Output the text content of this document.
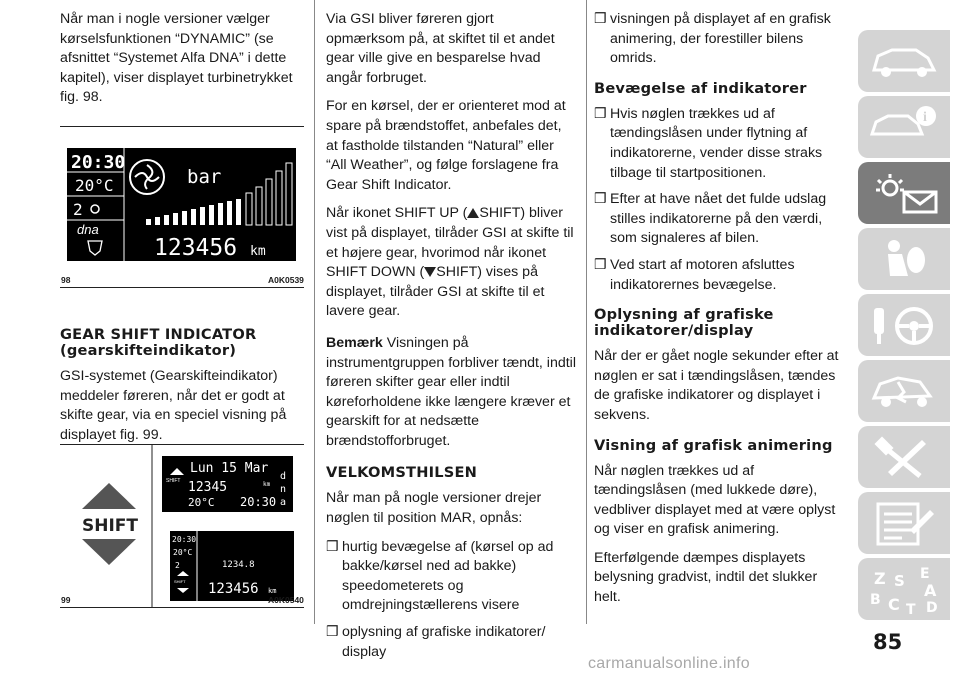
Når man i nogle versioner vælger kørselsfunktionen “DYNAMIC” (se afsnittet “Systemet Alfa DNA” i dette kapitel), viser displayet turbinetrykket fig. 98.

20:30
20°C
2
dna
bar
123456 km
98	A0K0539
GEAR SHIFT INDICATOR (gearskifteindikator)

GSI-systemet (Gearskifteindikator) meddeler føreren, når det er godt at skifte gear, via en speciel visning på displayet fig. 99.

SHIFT
Lun 15 Mar
SHIFT 12345	km
20°C 20:30
d
n
a
20:30
20°C
2
SHIFT
1234.8
123456 km
99	A0K0540

Via GSI bliver føreren gjort opmærksom på, at skiftet til et andet gear ville give en besparelse hvad angår forbruget.

For en kørsel, der er orienteret mod at spare på brændstoffet, anbefales det, at fastholde tilstanden “Natural” eller “All Weather”, og følge forslagene fra Gear Shift Indicator.

Når ikonet SHIFT UP ( SHIFT) bliver vist på displayet, tilråder GSI at skifte til et højere gear, hvorimod når ikonet SHIFT DOWN ( SHIFT) vises på displayet, tilråder GSI at skifte til et lavere gear.

Bemærk Visningen på instrumentgruppen forbliver tændt, indtil føreren skifter gear eller indtil køreforholdene ikke længere kræver et gearskift for at nedsætte brændstofforbruget.

VELKOMSTHILSEN

Når man på nogle versioner drejer nøglen til position MAR, opnås:

❒ hurtig bevægelse af (kørsel op ad bakke/kørsel ned ad bakke) speedometerets og omdrejningstællerens visere
❒ oplysning af grafiske indikatorer/ display
❒ visningen på displayet af en grafisk animering, der forestiller bilens omrids.
Bevægelse af indikatorer
❒ Hvis nøglen trækkes ud af tændingslåsen under flytning af indikatorerne, vender disse straks tilbage til startpositionen.
❒ Efter at have nået det fulde udslag stilles indikatorerne på den værdi, som signaleres af bilen.
❒ Ved start af motoren afsluttes indikatorernes bevægelse.
Oplysning af grafiske indikatorer/display

Når der er gået nogle sekunder efter at nøglen er sat i tændingslåsen, tændes de grafiske indikatorer og displayet i sekvens.

Visning af grafisk animering

Når nøglen trækkes ud af tændingslåsen (med lukkede døre), vedbliver displayet med at være oplyst og viser en grafisk animering.

Efterfølgende dæmpes displayets belysning gradvist, indtil det slukker helt.

i
Z E
S A
B C T D
85
carmanualsonline.info
